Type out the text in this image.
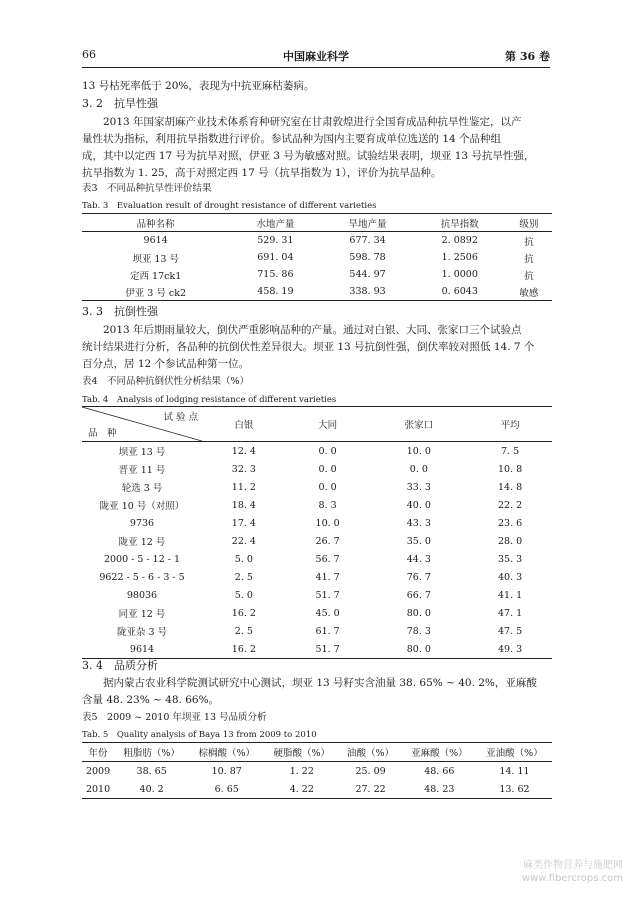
66	中国麻业科学	第 36 卷
13 号枯死率低于 20%，表现为中抗亚麻枯萎病。
3. 2　抗旱性强
2013 年国家胡麻产业技术体系育种研究室在甘肃敦煌进行全国育成品种抗旱性鉴定，以产
量性状为指标，利用抗旱指数进行评价。参试品种为国内主要育成单位选送的 14 个品种组
成，其中以定西 17 号为抗旱对照，伊亚 3 号为敏感对照。试验结果表明，坝亚 13 号抗旱性强，
抗旱指数为 1. 25，高于对照定西 17 号（抗旱指数为 1），评价为抗旱品种。
表3　不同品种抗旱性评价结果
Tab. 3　Evaluation result of drought resistance of different varieties
品种名称	水地产量	旱地产量	抗旱指数	级别
9614	529. 31	677. 34	2. 0892	抗
坝亚 13 号	691. 04	598. 78	1. 2506	抗
定西 17ck1	715. 86	544. 97	1. 0000	抗
伊亚 3 号 ck2	458. 19	338. 93	0. 6043	敏感
3. 3　抗倒性强
2013 年后期雨量较大，倒伏严重影响品种的产量。通过对白银、大同、张家口三个试验点
统计结果进行分析，各品种的抗倒伏性差异很大。坝亚 13 号抗倒性强，倒伏率较对照低 14. 7 个
百分点，居 12 个参试品种第一位。
表4　不同品种抗倒伏性分析结果（%）
Tab. 4　Analysis of lodging resistance of different varieties
试 验 点
品　种	白银	大同	张家口	平均
坝亚 13 号	12. 4	0. 0	10. 0	7. 5
晋亚 11 号	32. 3	0. 0	0. 0	10. 8
轮选 3 号	11. 2	0. 0	33. 3	14. 8
陇亚 10 号（对照）	18. 4	8. 3	40. 0	22. 2
9736	17. 4	10. 0	43. 3	23. 6
陇亚 12 号	22. 4	26. 7	35. 0	28. 0
2000 - 5 - 12 - 1	5. 0	56. 7	44. 3	35. 3
9622 - 5 - 6 - 3 - 5	2. 5	41. 7	76. 7	40. 3
98036	5. 0	51. 7	66. 7	41. 1
同亚 12 号	16. 2	45. 0	80. 0	47. 1
陇亚杂 3 号	2. 5	61. 7	78. 3	47. 5
9614	16. 2	51. 7	80. 0	49. 3
3. 4　品质分析
据内蒙古农业科学院测试研究中心测试，坝亚 13 号籽实含油量 38. 65% ~ 40. 2%，亚麻酸
含量 48. 23% ~ 48. 66%。
表5　2009 ~ 2010 年坝亚 13 号品质分析
Tab. 5　Quality analysis of Baya 13 from 2009 to 2010
年份	粗脂肪（%）	棕榈酸（%）	硬脂酸（%）	油酸（%）	亚麻酸（%）	亚油酸（%）
2009	38. 65	10. 87	1. 22	25. 09	48. 66	14. 11
2010	40. 2	6. 65	4. 22	27. 22	48. 23	13. 62
麻类作物营养与施肥网
www.fibercrops.com
